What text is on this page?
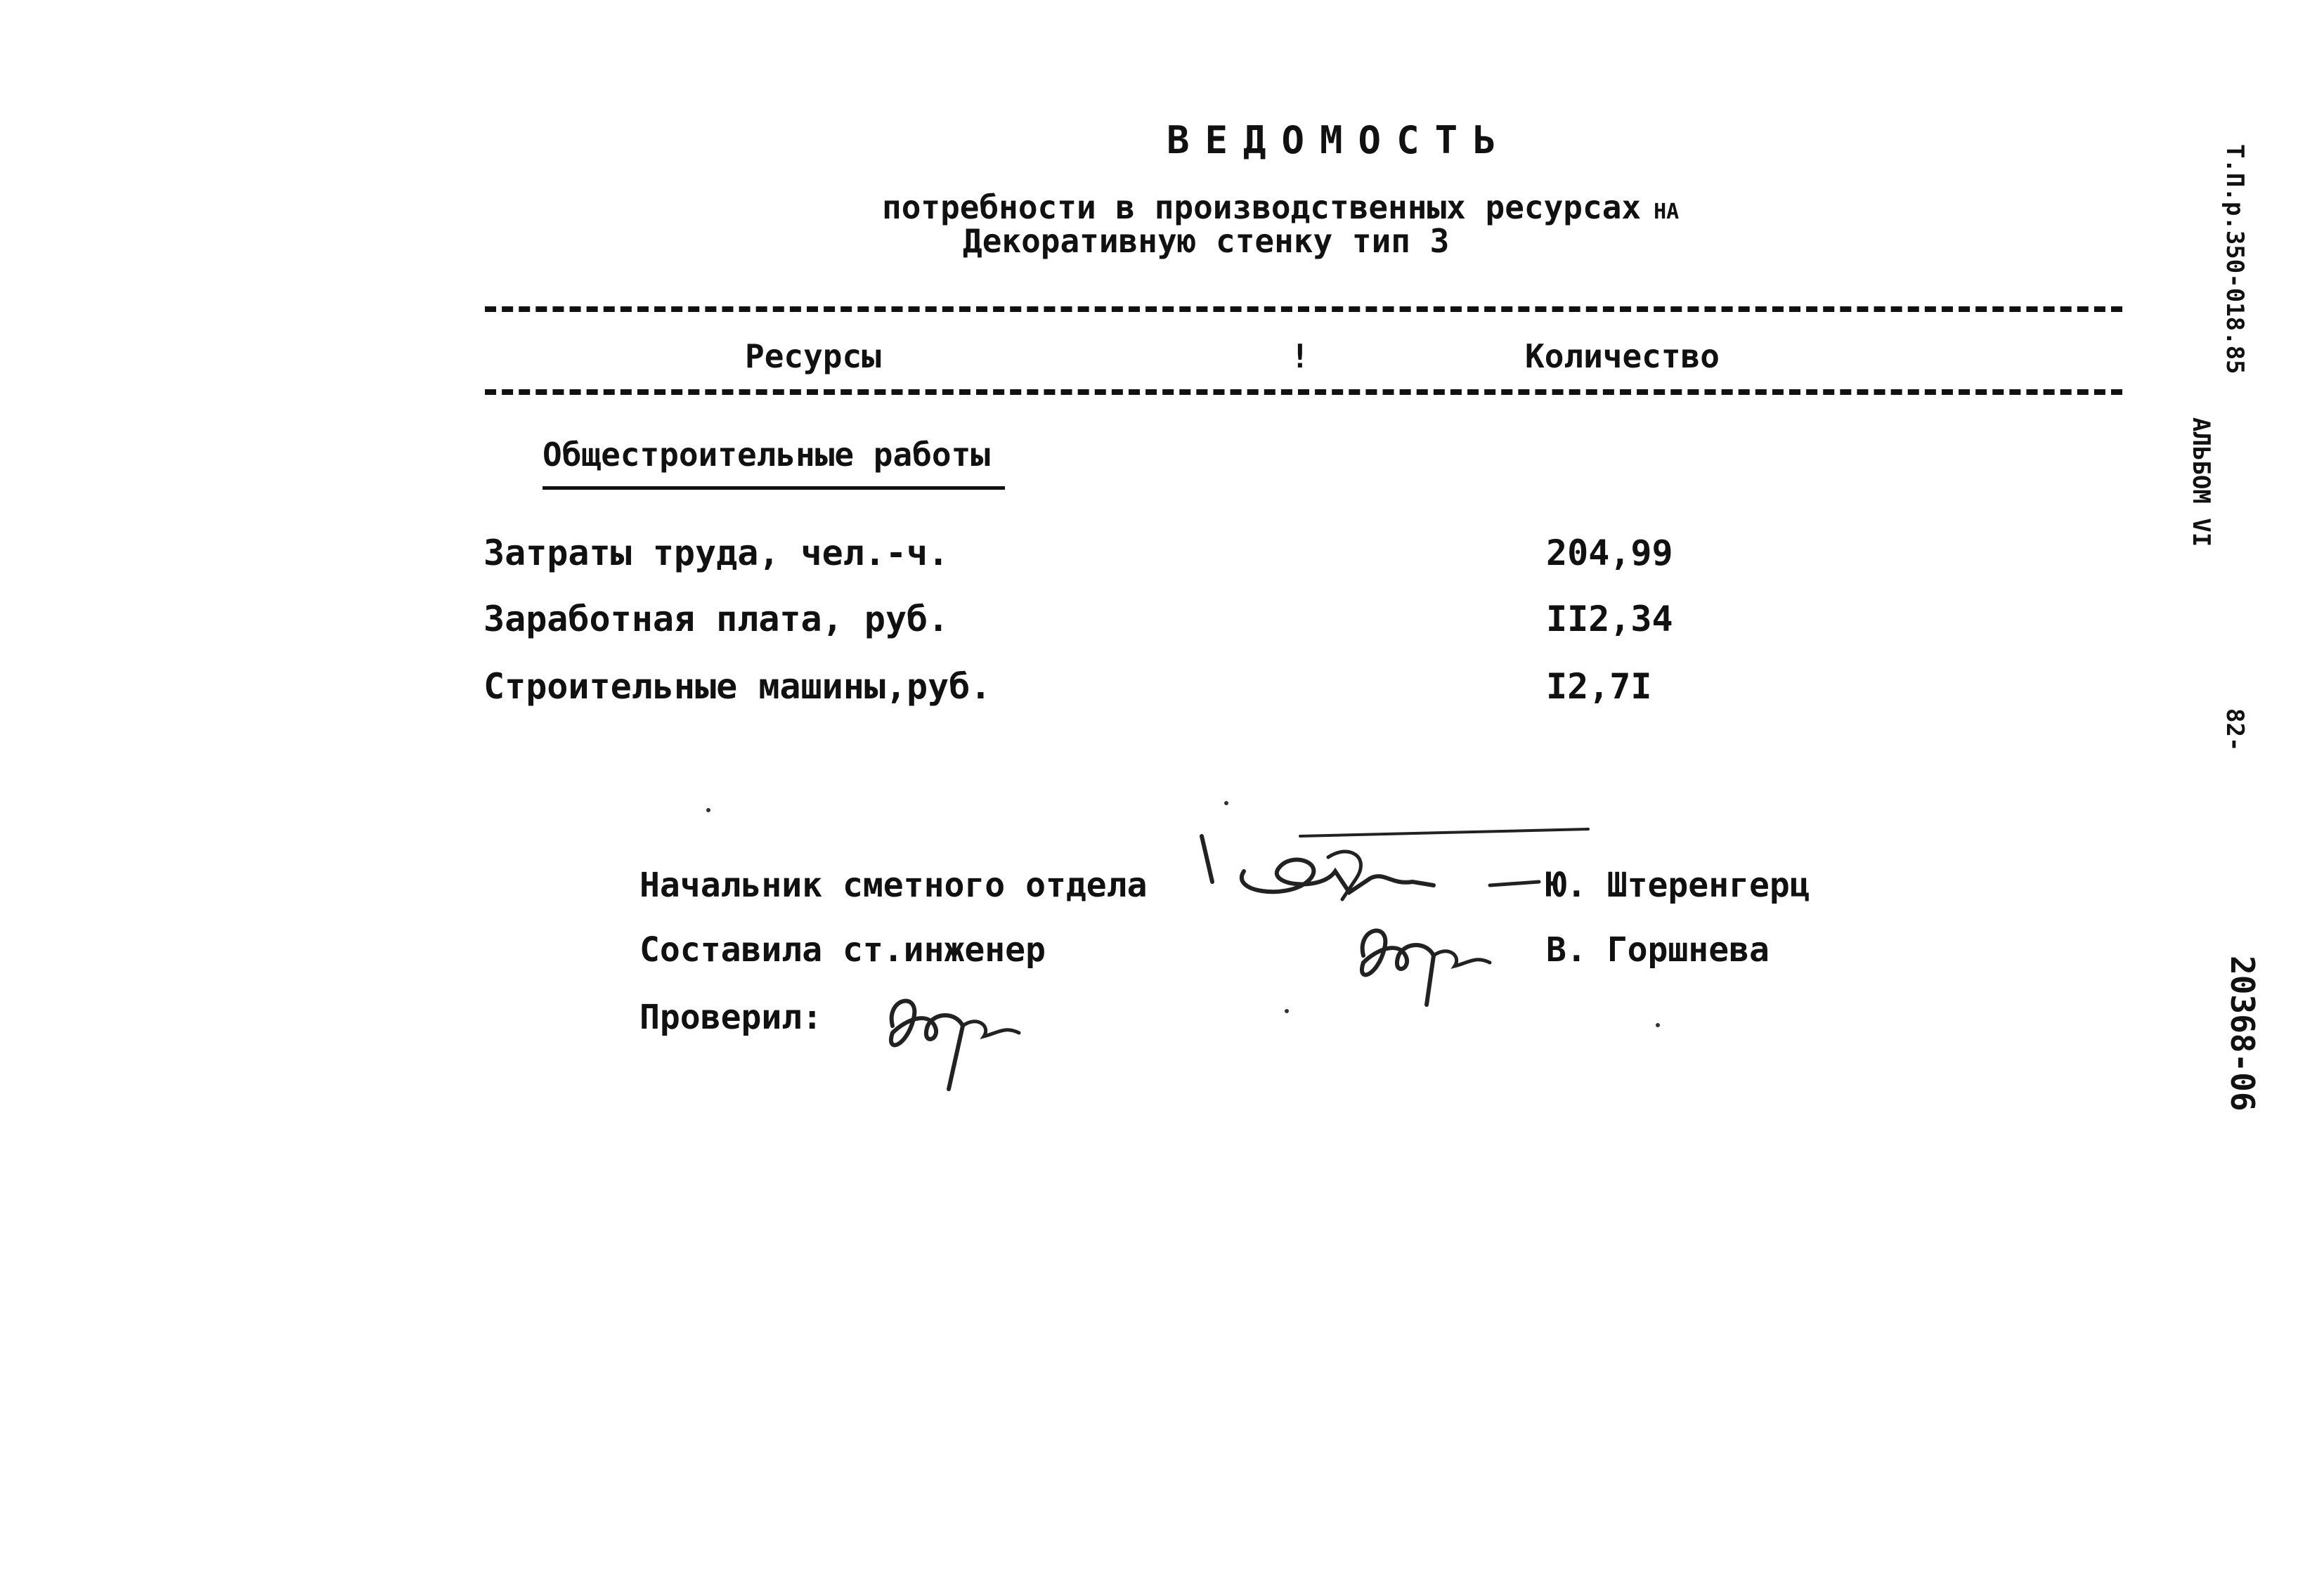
ВЕДОМОСТЬ
потребности в производственных ресурсах НА
Декоративную стенку тип 3
Ресурсы	!	Количество
Общестроительные работы
Затраты труда, чел.-ч.	204,99
Заработная плата, руб.	II2,34
Строительные машины,руб.	I2,7I
Начальник сметного отдела	Ю. Штеренгерц
Составила ст.инженер	В. Горшнева
Проверил:
Т.П.р.350-018.85
АЛЬБОМ VI
82-
20368-06
